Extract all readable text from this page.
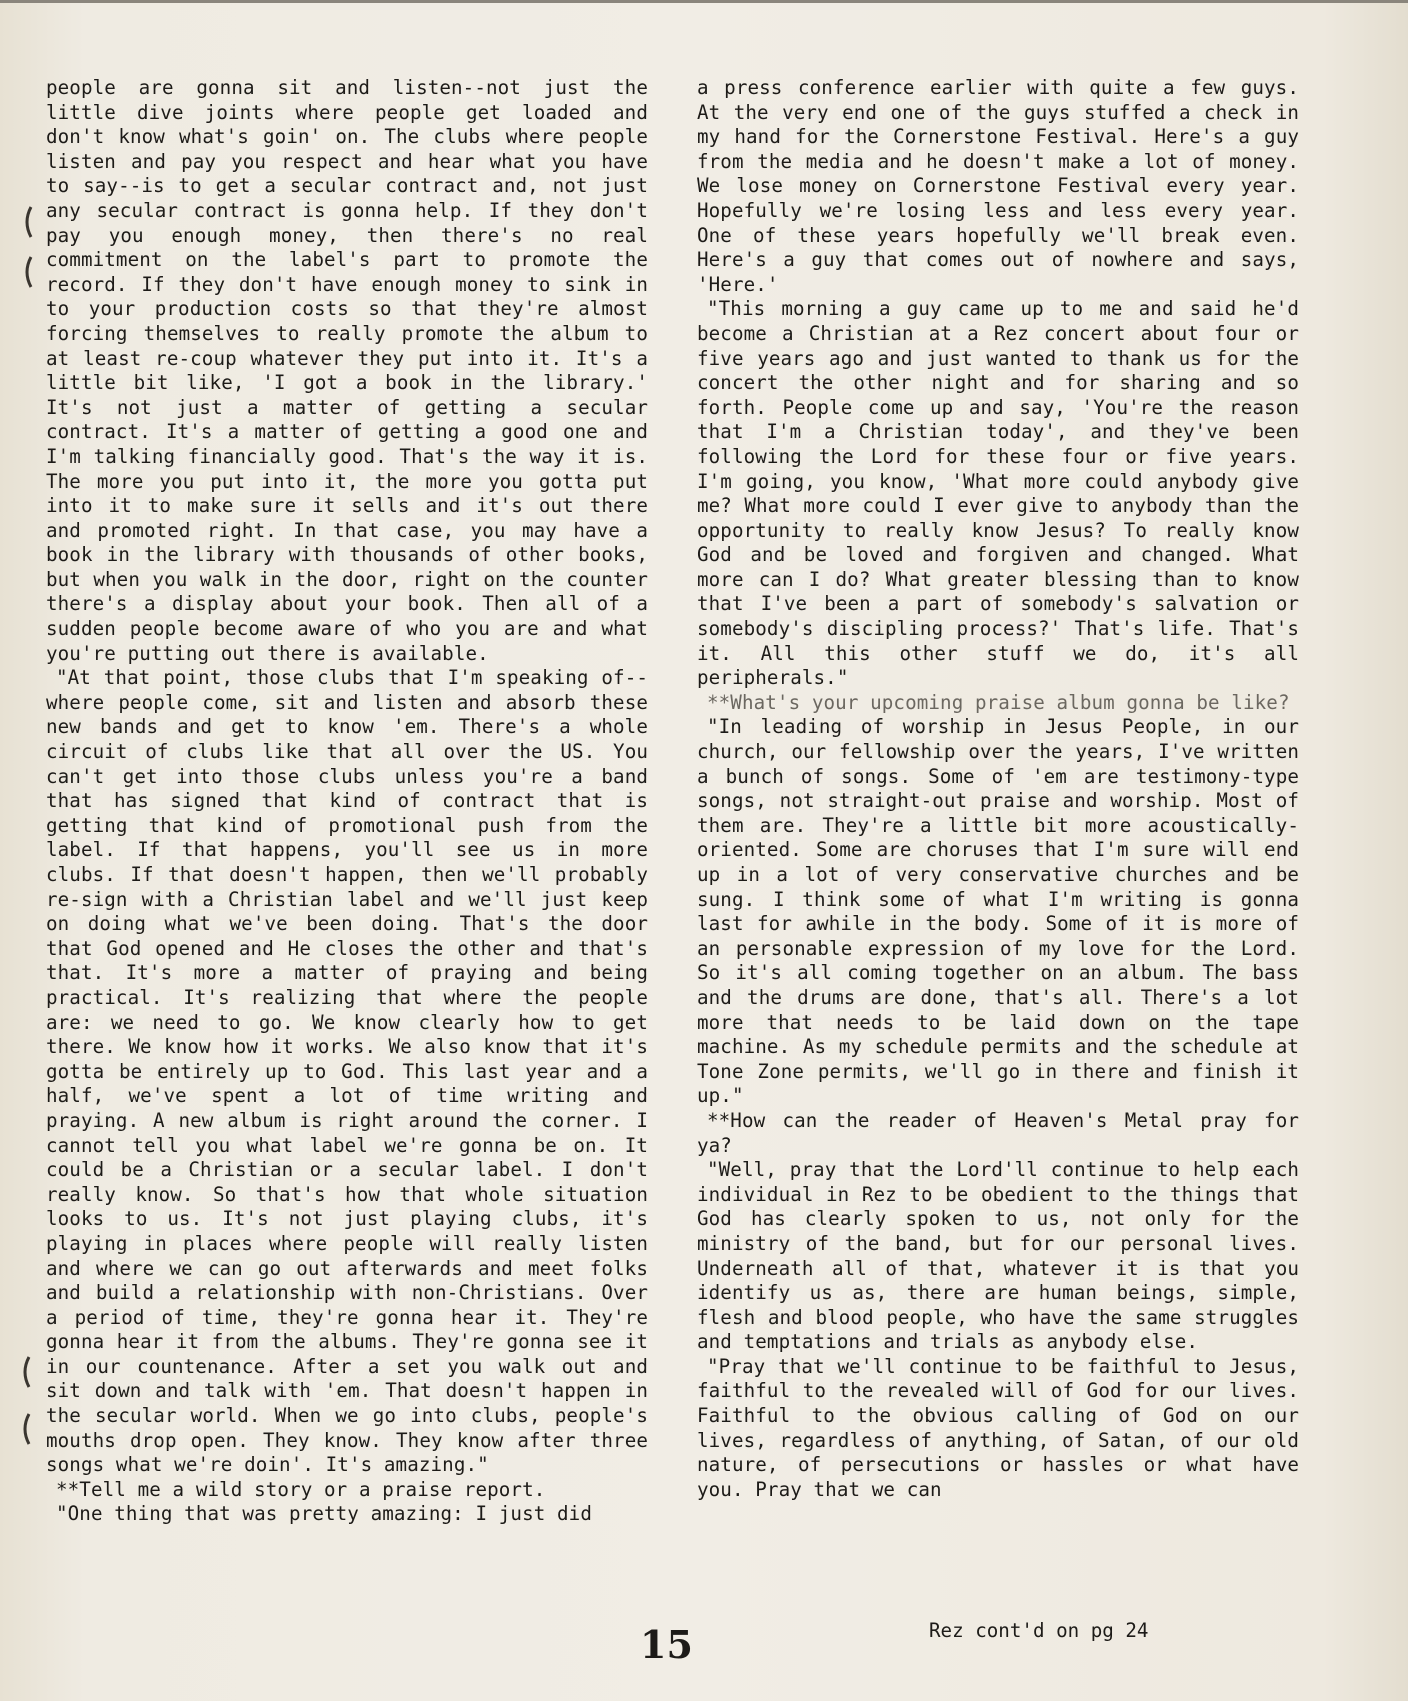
people are gonna sit and listen--not just the little dive joints where people get loaded and don't know what's goin' on. The clubs where people listen and pay you respect and hear what you have to say--is to get a secular contract and, not just any secular contract is gonna help. If they don't pay you enough money, then there's no real commitment on the label's part to promote the record. If they don't have enough money to sink in to your production costs so that they're almost forcing themselves to really promote the album to at least re-coup whatever they put into it. It's a little bit like, 'I got a book in the library.' It's not just a matter of getting a secular contract. It's a matter of getting a good one and I'm talking financially good. That's the way it is. The more you put into it, the more you gotta put into it to make sure it sells and it's out there and promoted right. In that case, you may have a book in the library with thousands of other books, but when you walk in the door, right on the counter there's a display about your book. Then all of a sudden people become aware of who you are and what you're putting out there is available.

"At that point, those clubs that I'm speaking of--where people come, sit and listen and absorb these new bands and get to know 'em. There's a whole circuit of clubs like that all over the US. You can't get into those clubs unless you're a band that has signed that kind of contract that is getting that kind of promotional push from the label. If that happens, you'll see us in more clubs. If that doesn't happen, then we'll probably re-sign with a Christian label and we'll just keep on doing what we've been doing. That's the door that God opened and He closes the other and that's that. It's more a matter of praying and being practical. It's realizing that where the people are: we need to go. We know clearly how to get there. We know how it works. We also know that it's gotta be entirely up to God. This last year and a half, we've spent a lot of time writing and praying. A new album is right around the corner. I cannot tell you what label we're gonna be on. It could be a Christian or a secular label. I don't really know. So that's how that whole situation looks to us. It's not just playing clubs, it's playing in places where people will really listen and where we can go out afterwards and meet folks and build a relationship with non-Christians. Over a period of time, they're gonna hear it. They're gonna hear it from the albums. They're gonna see it in our countenance. After a set you walk out and sit down and talk with 'em. That doesn't happen in the secular world. When we go into clubs, people's mouths drop open. They know. They know after three songs what we're doin'. It's amazing."

**Tell me a wild story or a praise report.

"One thing that was pretty amazing: I just did

a press conference earlier with quite a few guys. At the very end one of the guys stuffed a check in my hand for the Cornerstone Festival. Here's a guy from the media and he doesn't make a lot of money. We lose money on Cornerstone Festival every year. Hopefully we're losing less and less every year. One of these years hopefully we'll break even. Here's a guy that comes out of nowhere and says, 'Here.'

"This morning a guy came up to me and said he'd become a Christian at a Rez concert about four or five years ago and just wanted to thank us for the concert the other night and for sharing and so forth. People come up and say, 'You're the reason that I'm a Christian today', and they've been following the Lord for these four or five years. I'm going, you know, 'What more could anybody give me? What more could I ever give to anybody than the opportunity to really know Jesus? To really know God and be loved and forgiven and changed. What more can I do? What greater blessing than to know that I've been a part of somebody's salvation or somebody's discipling process?' That's life. That's it. All this other stuff we do, it's all peripherals."

**What's your upcoming praise album gonna be like?

"In leading of worship in Jesus People, in our church, our fellowship over the years, I've written a bunch of songs. Some of 'em are testimony-type songs, not straight-out praise and worship. Most of them are. They're a little bit more acoustically-oriented. Some are choruses that I'm sure will end up in a lot of very conservative churches and be sung. I think some of what I'm writing is gonna last for awhile in the body. Some of it is more of an personable expression of my love for the Lord. So it's all coming together on an album. The bass and the drums are done, that's all. There's a lot more that needs to be laid down on the tape machine. As my schedule permits and the schedule at Tone Zone permits, we'll go in there and finish it up."

**How can the reader of Heaven's Metal pray for ya?

"Well, pray that the Lord'll continue to help each individual in Rez to be obedient to the things that God has clearly spoken to us, not only for the ministry of the band, but for our personal lives. Underneath all of that, whatever it is that you identify us as, there are human beings, simple, flesh and blood people, who have the same struggles and temptations and trials as anybody else.

"Pray that we'll continue to be faithful to Jesus, faithful to the revealed will of God for our lives. Faithful to the obvious calling of God on our lives, regardless of anything, of Satan, of our old nature, of persecutions or hassles or what have you. Pray that we can

15	Rez cont'd on pg 24
